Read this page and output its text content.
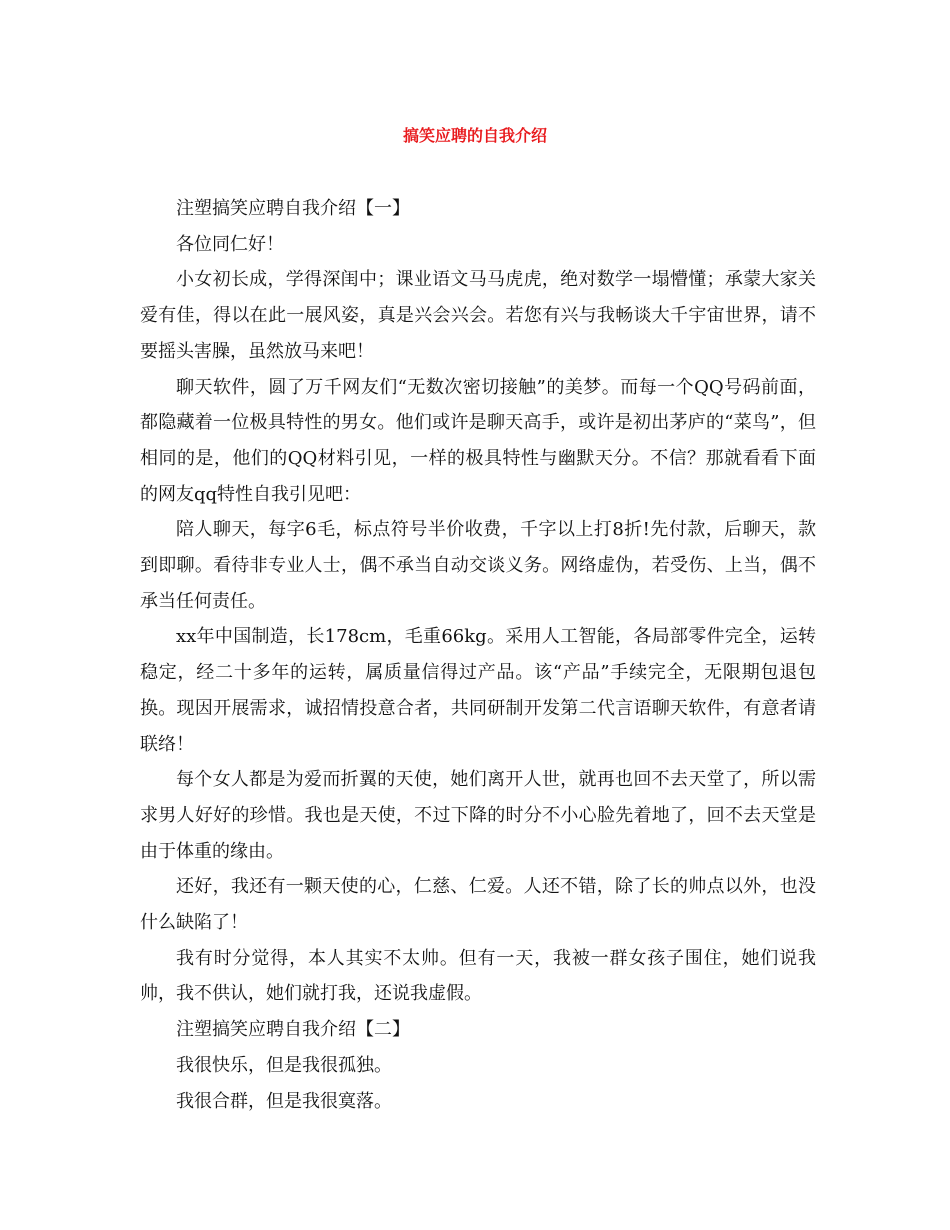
搞笑应聘的自我介绍

注塑搞笑应聘自我介绍【一】

各位同仁好！

小女初长成，学得深闺中；课业语文马马虎虎，绝对数学一塌懵懂；承蒙大家关爱有佳，得以在此一展风姿，真是兴会兴会。若您有兴与我畅谈大千宇宙世界，请不要摇头害臊，虽然放马来吧！

聊天软件，圆了万千网友们“无数次密切接触”的美梦。而每一个QQ号码前面，都隐藏着一位极具特性的男女。他们或许是聊天高手，或许是初出茅庐的“菜鸟”，但相同的是，他们的QQ材料引见，一样的极具特性与幽默天分。不信？那就看看下面的网友qq特性自我引见吧：

陪人聊天，每字6毛，标点符号半价收费，千字以上打8折!先付款，后聊天，款到即聊。看待非专业人士，偶不承当自动交谈义务。网络虚伪，若受伤、上当，偶不承当任何责任。

xx年中国制造，长178cm，毛重66kg。采用人工智能，各局部零件完全，运转稳定，经二十多年的运转，属质量信得过产品。该“产品”手续完全，无限期包退包换。现因开展需求，诚招情投意合者，共同研制开发第二代言语聊天软件，有意者请联络！

每个女人都是为爱而折翼的天使，她们离开人世，就再也回不去天堂了，所以需求男人好好的珍惜。我也是天使，不过下降的时分不小心脸先着地了，回不去天堂是由于体重的缘由。

还好，我还有一颗天使的心，仁慈、仁爱。人还不错，除了长的帅点以外，也没什么缺陷了！

我有时分觉得，本人其实不太帅。但有一天，我被一群女孩子围住，她们说我帅，我不供认，她们就打我，还说我虚假。

注塑搞笑应聘自我介绍【二】

我很快乐，但是我很孤独。

我很合群，但是我很寞落。
